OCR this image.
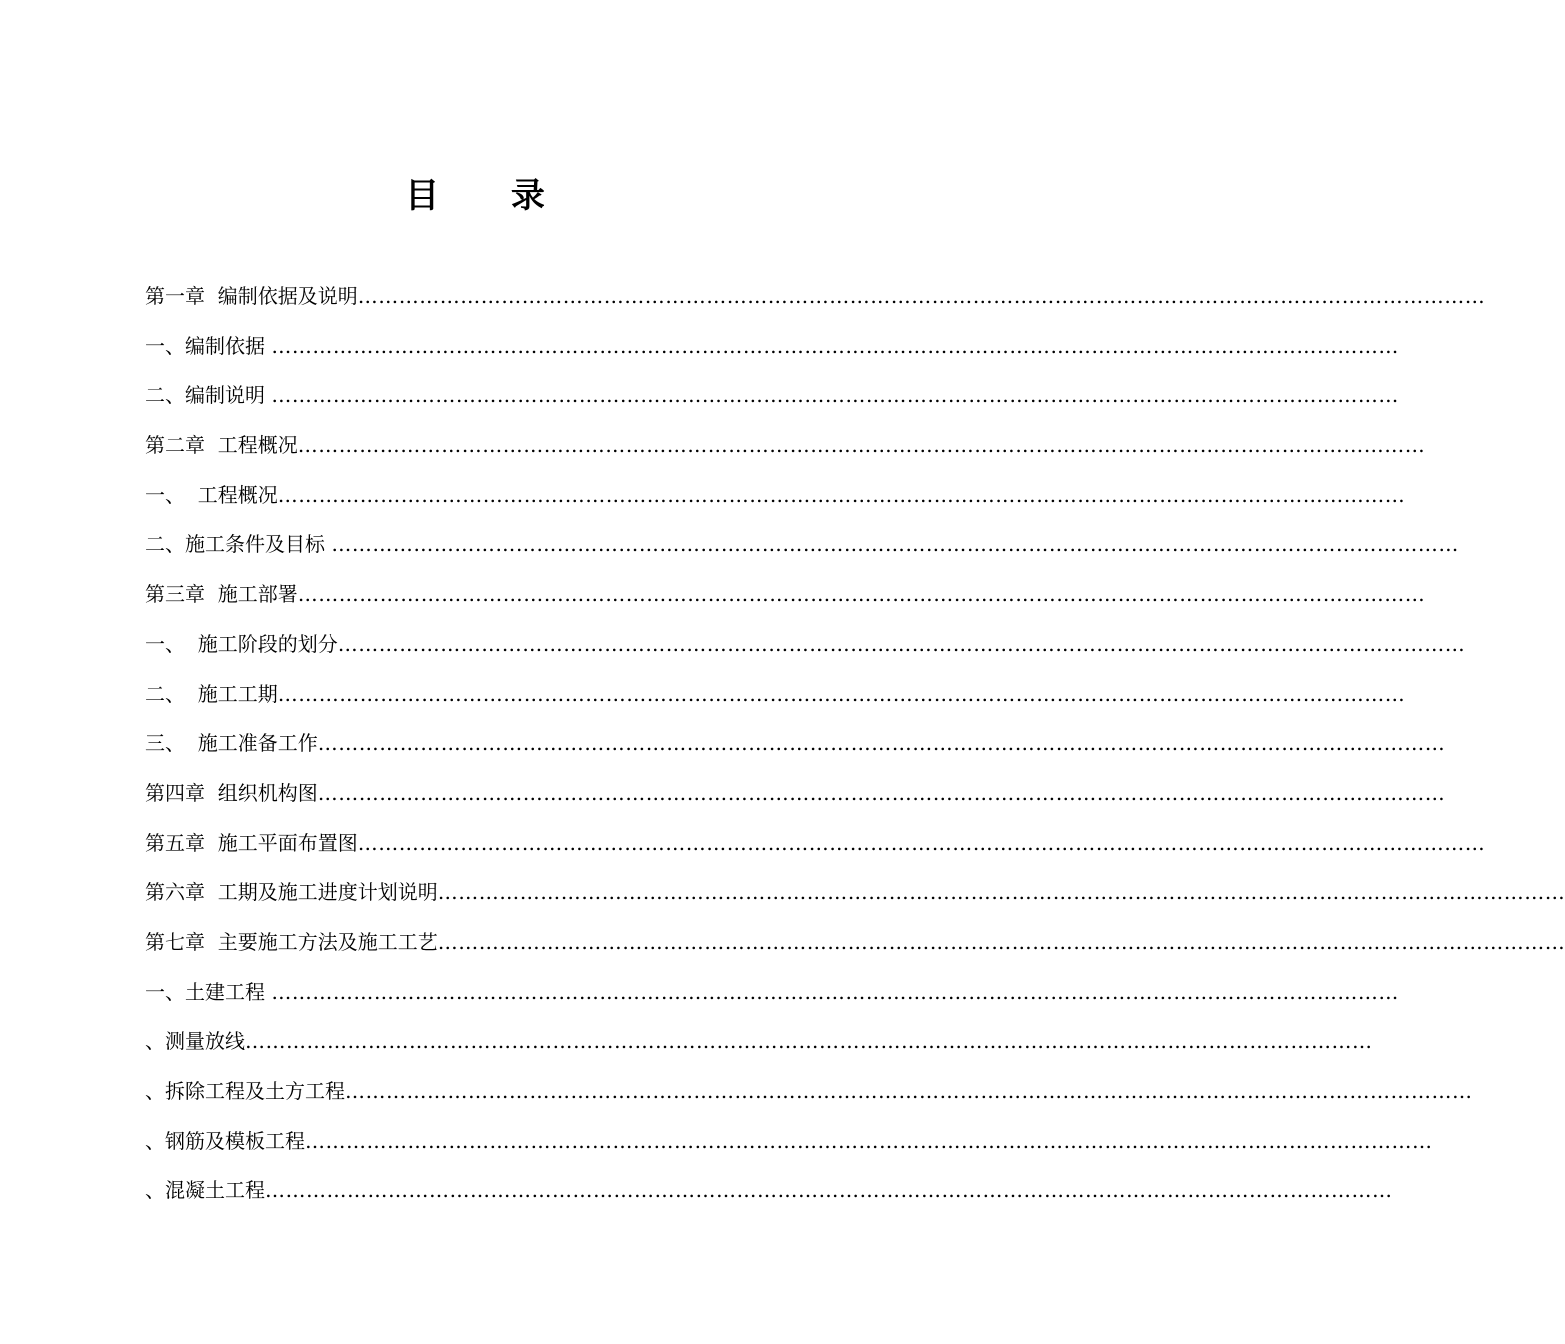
目 录
第一章  编制依据及说明 …………………………………………………………………………………………………………………………………………………
一、编制依据 …………………………………………………………………………………………………………………………………………………
二、编制说明 …………………………………………………………………………………………………………………………………………………
第二章  工程概况 …………………………………………………………………………………………………………………………………………………
一、  工程概况 …………………………………………………………………………………………………………………………………………………
二、施工条件及目标 …………………………………………………………………………………………………………………………………………………
第三章  施工部署 …………………………………………………………………………………………………………………………………………………
一、  施工阶段的划分 …………………………………………………………………………………………………………………………………………………
二、  施工工期 …………………………………………………………………………………………………………………………………………………
三、  施工准备工作 …………………………………………………………………………………………………………………………………………………
第四章  组织机构图 …………………………………………………………………………………………………………………………………………………
第五章  施工平面布置图 …………………………………………………………………………………………………………………………………………………
第六章  工期及施工进度计划说明 …………………………………………………………………………………………………………………………………………………
第七章  主要施工方法及施工工艺 …………………………………………………………………………………………………………………………………………………
一、土建工程 …………………………………………………………………………………………………………………………………………………
、测量放线 …………………………………………………………………………………………………………………………………………………
、拆除工程及土方工程 …………………………………………………………………………………………………………………………………………………
、钢筋及模板工程 …………………………………………………………………………………………………………………………………………………
、混凝土工程 …………………………………………………………………………………………………………………………………………………
